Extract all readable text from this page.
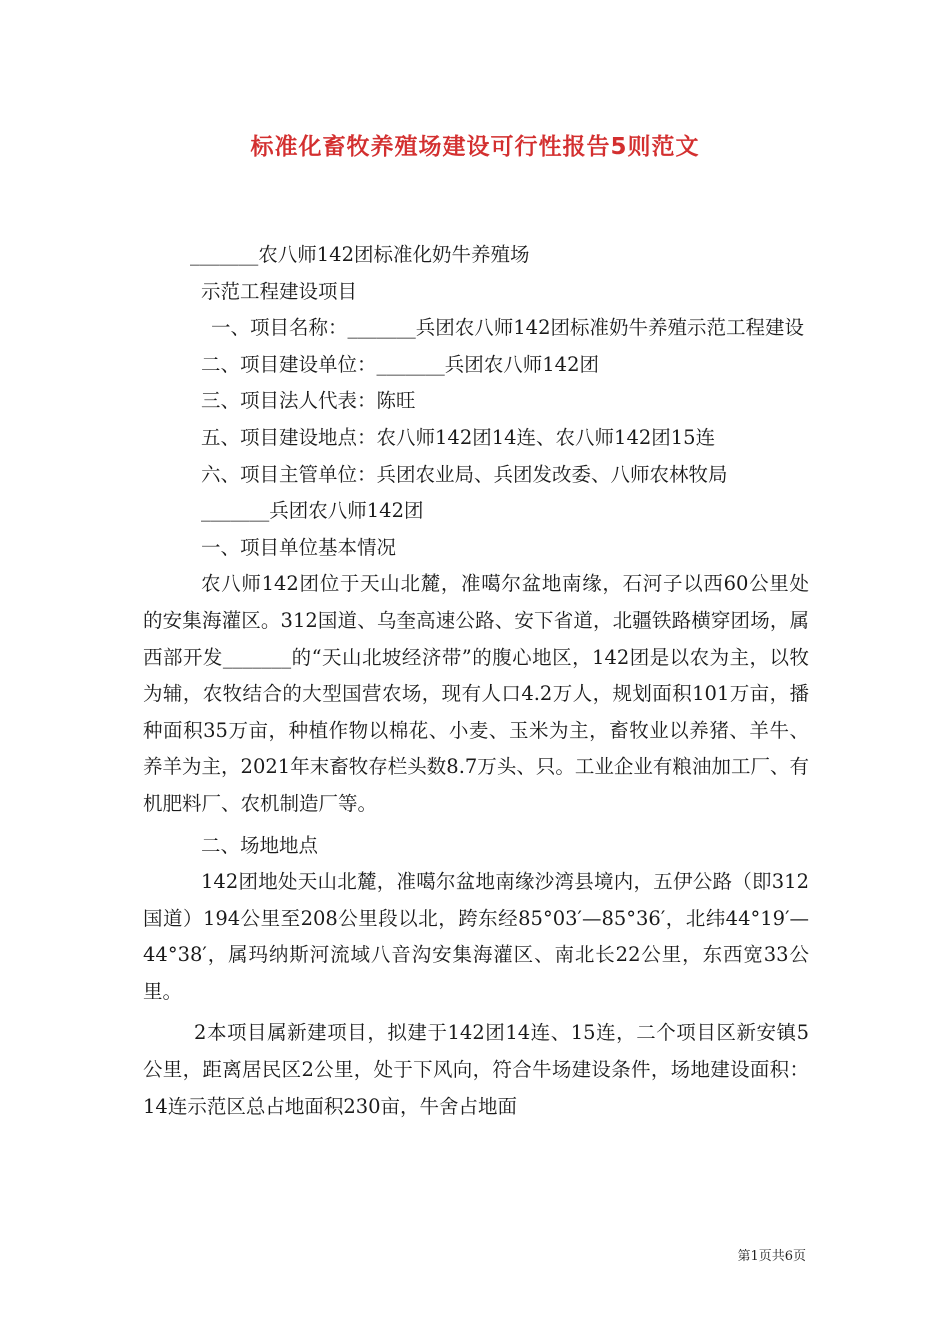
标准化畜牧养殖场建设可行性报告5则范文

_______农八师142团标准化奶牛养殖场

示范工程建设项目

一、项目名称：_______兵团农八师142团标准奶牛养殖示范工程建设

二、项目建设单位：_______兵团农八师142团

三、项目法人代表：陈旺

五、项目建设地点：农八师142团14连、农八师142团15连

六、项目主管单位：兵团农业局、兵团发改委、八师农林牧局

_______兵团农八师142团

一、项目单位基本情况

农八师142团位于天山北麓，准噶尔盆地南缘，石河子以西60公里处的安集海灌区。312国道、乌奎高速公路、安下省道，北疆铁路横穿团场，属西部开发_______的“天山北坡经济带”的腹心地区，142团是以农为主，以牧为辅，农牧结合的大型国营农场，现有人口4.2万人，规划面积101万亩，播种面积35万亩，种植作物以棉花、小麦、玉米为主，畜牧业以养猪、羊牛、养羊为主，2021年末畜牧存栏头数8.7万头、只。工业企业有粮油加工厂、有机肥料厂、农机制造厂等。

二、场地地点

142团地处天山北麓，准噶尔盆地南缘沙湾县境内，五伊公路（即312国道）194公里至208公里段以北，跨东经85°03′—85°36′，北纬44°19′—44°38′，属玛纳斯河流域八音沟安集海灌区、南北长22公里，东西宽33公里。

2本项目属新建项目，拟建于142团14连、15连，二个项目区新安镇5公里，距离居民区2公里，处于下风向，符合牛场建设条件，场地建设面积：14连示范区总占地面积230亩，牛舍占地面

第1页共6页
